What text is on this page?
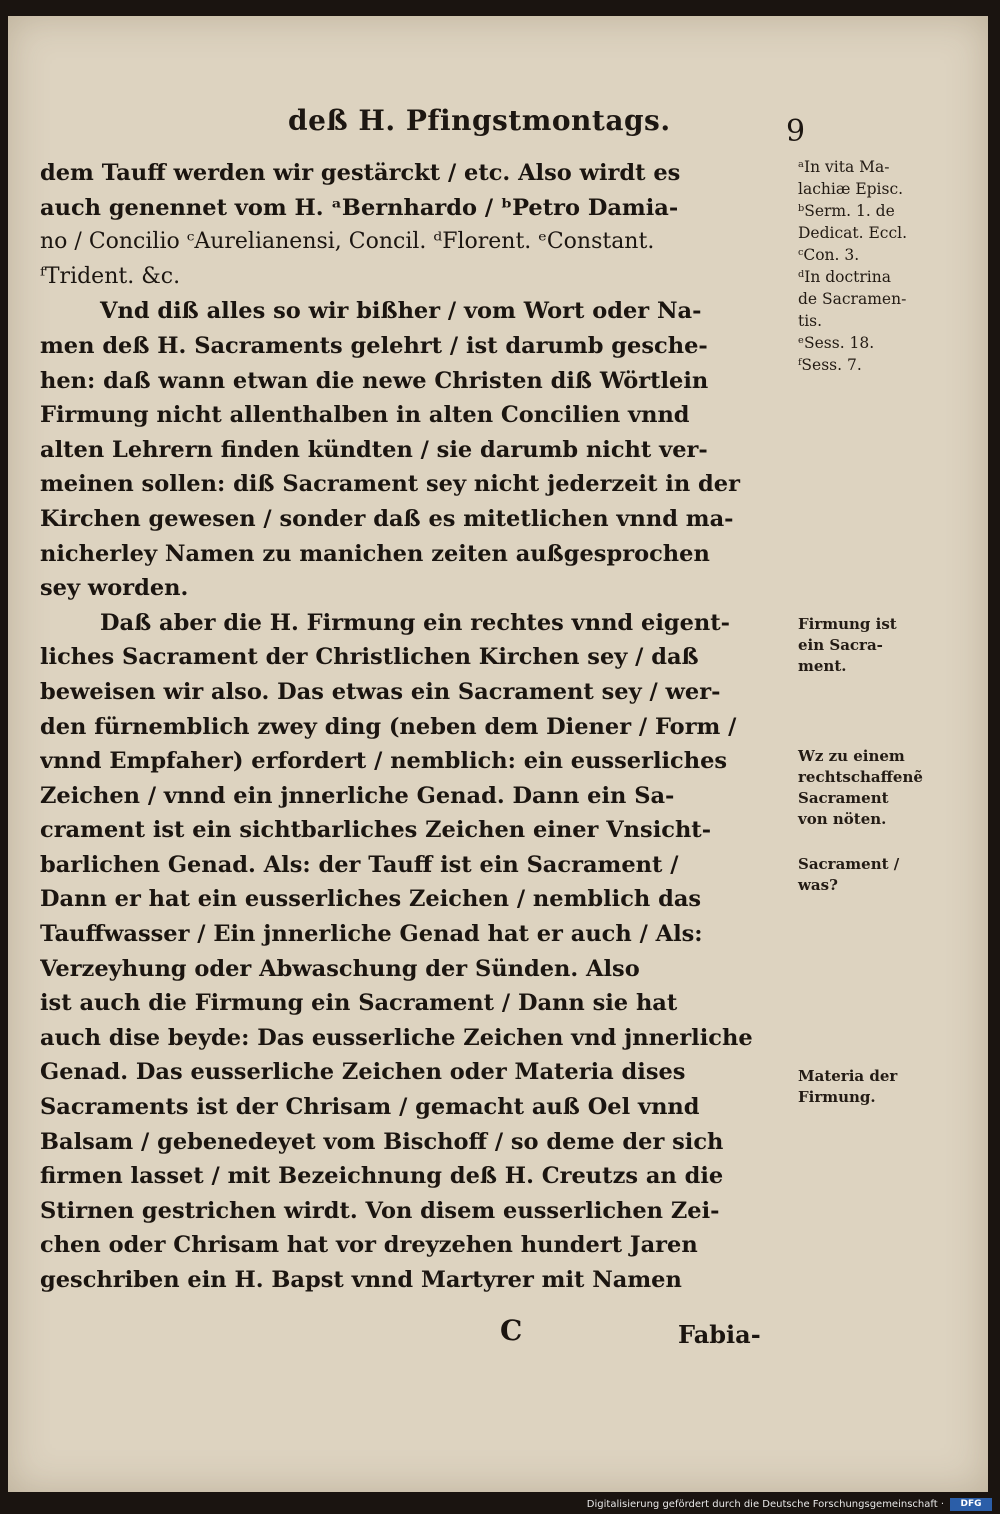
deß H. Pfingstmontags.	9
dem Tauff werden wir gestärckt / etc. Also wirdt es
auch genennet vom H. ᵃBernhardo / ᵇPetro Damia-
no / Concilio ᶜAurelianensi, Concil. ᵈFlorent. ᵉConstant.
ᶠTrident. &c.
Vnd diß alles so wir bißher / vom Wort oder Na-
men deß H. Sacraments gelehrt / ist darumb gesche-
hen: daß wann etwan die newe Christen diß Wörtlein
Firmung nicht allenthalben in alten Concilien vnnd
alten Lehrern finden kündten / sie darumb nicht ver-
meinen sollen: diß Sacrament sey nicht jederzeit in der
Kirchen gewesen / sonder daß es mitetlichen vnnd ma-
nicherley Namen zu manichen zeiten außgesprochen
sey worden.
Daß aber die H. Firmung ein rechtes vnnd eigent-
liches Sacrament der Christlichen Kirchen sey / daß
beweisen wir also. Das etwas ein Sacrament sey / wer-
den fürnemblich zwey ding (neben dem Diener / Form /
vnnd Empfaher) erfordert / nemblich: ein eusserliches
Zeichen / vnnd ein jnnerliche Genad. Dann ein Sa-
crament ist ein sichtbarliches Zeichen einer Vnsicht-
barlichen Genad. Als: der Tauff ist ein Sacrament /
Dann er hat ein eusserliches Zeichen / nemblich das
Tauffwasser / Ein jnnerliche Genad hat er auch / Als:
Verzeyhung oder Abwaschung der Sünden. Also
ist auch die Firmung ein Sacrament / Dann sie hat
auch dise beyde: Das eusserliche Zeichen vnd jnnerliche
Genad. Das eusserliche Zeichen oder Materia dises
Sacraments ist der Chrisam / gemacht auß Oel vnnd
Balsam / gebenedeyet vom Bischoff / so deme der sich
firmen lasset / mit Bezeichnung deß H. Creutzs an die
Stirnen gestrichen wirdt. Von disem eusserlichen Zei-
chen oder Chrisam hat vor dreyzehen hundert Jaren
geschriben ein H. Bapst vnnd Martyrer mit Namen
C	Fabia-
ᵃIn vita Ma-
lachiæ Episc.
ᵇSerm. 1. de
Dedicat. Eccl.
ᶜCon. 3.
ᵈIn doctrina
de Sacramen-
tis.
ᵉSess. 18.
ᶠSess. 7.
Firmung ist
ein Sacra-
ment.
Wz zu einem
rechtschaffenẽ
Sacrament
von nöten.
Sacrament /
was?
Materia der
Firmung.
Digitalisierung gefördert durch die Deutsche Forschungsgemeinschaft ·	DFG
